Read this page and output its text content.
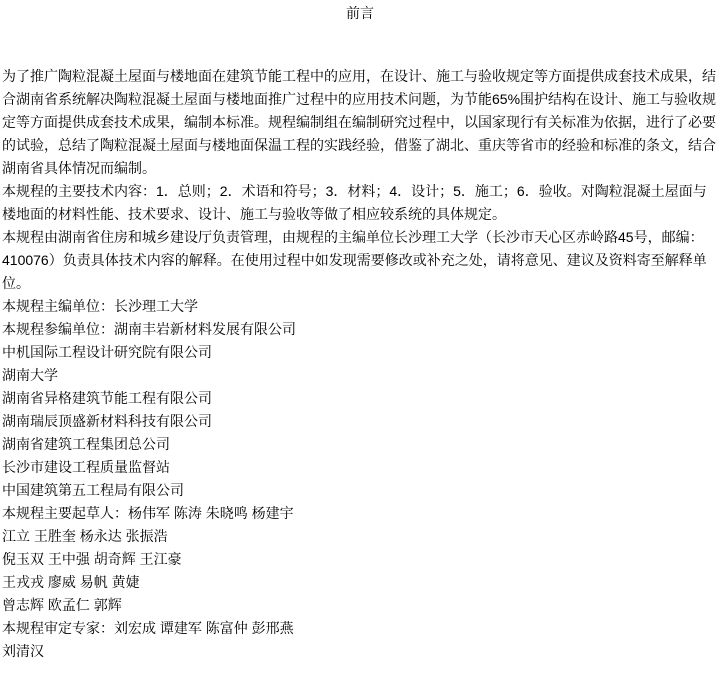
前言
为了推广陶粒混凝土屋面与楼地面在建筑节能工程中的应用，在设计、施工与验收规定等方面提供成套技术成果，结
合湖南省系统解决陶粒混凝土屋面与楼地面推广过程中的应用技术问题，为节能65%围护结构在设计、施工与验收规
定等方面提供成套技术成果，编制本标准。规程编制组在编制研究过程中，以国家现行有关标准为依据，进行了必要
的试验，总结了陶粒混凝土屋面与楼地面保温工程的实践经验，借鉴了湖北、重庆等省市的经验和标准的条文，结合
湖南省具体情况而编制。
本规程的主要技术内容：1．总则；2．术语和符号；3．材料；4．设计；5．施工；6．验收。对陶粒混凝土屋面与
楼地面的材料性能、技术要求、设计、施工与验收等做了相应较系统的具体规定。
本规程由湖南省住房和城乡建设厅负责管理，由规程的主编单位长沙理工大学（长沙市天心区赤岭路45号，邮编：
410076）负责具体技术内容的解释。在使用过程中如发现需要修改或补充之处，请将意见、建议及资料寄至解释单
位。
本规程主编单位：长沙理工大学
本规程参编单位：湖南丰岩新材料发展有限公司
中机国际工程设计研究院有限公司
湖南大学
湖南省异格建筑节能工程有限公司
湖南瑞辰顶盛新材料科技有限公司
湖南省建筑工程集团总公司
长沙市建设工程质量监督站
中国建筑第五工程局有限公司
本规程主要起草人：杨伟军 陈涛 朱晓鸣 杨建宇
江立 王胜奎 杨永达 张振浩
倪玉双 王中强 胡奇辉 王江豪
王戎戎 廖威 易帆 黄婕
曾志辉 欧孟仁 郭辉
本规程审定专家：刘宏成 谭建军 陈富仲 彭邢燕
刘清汉
